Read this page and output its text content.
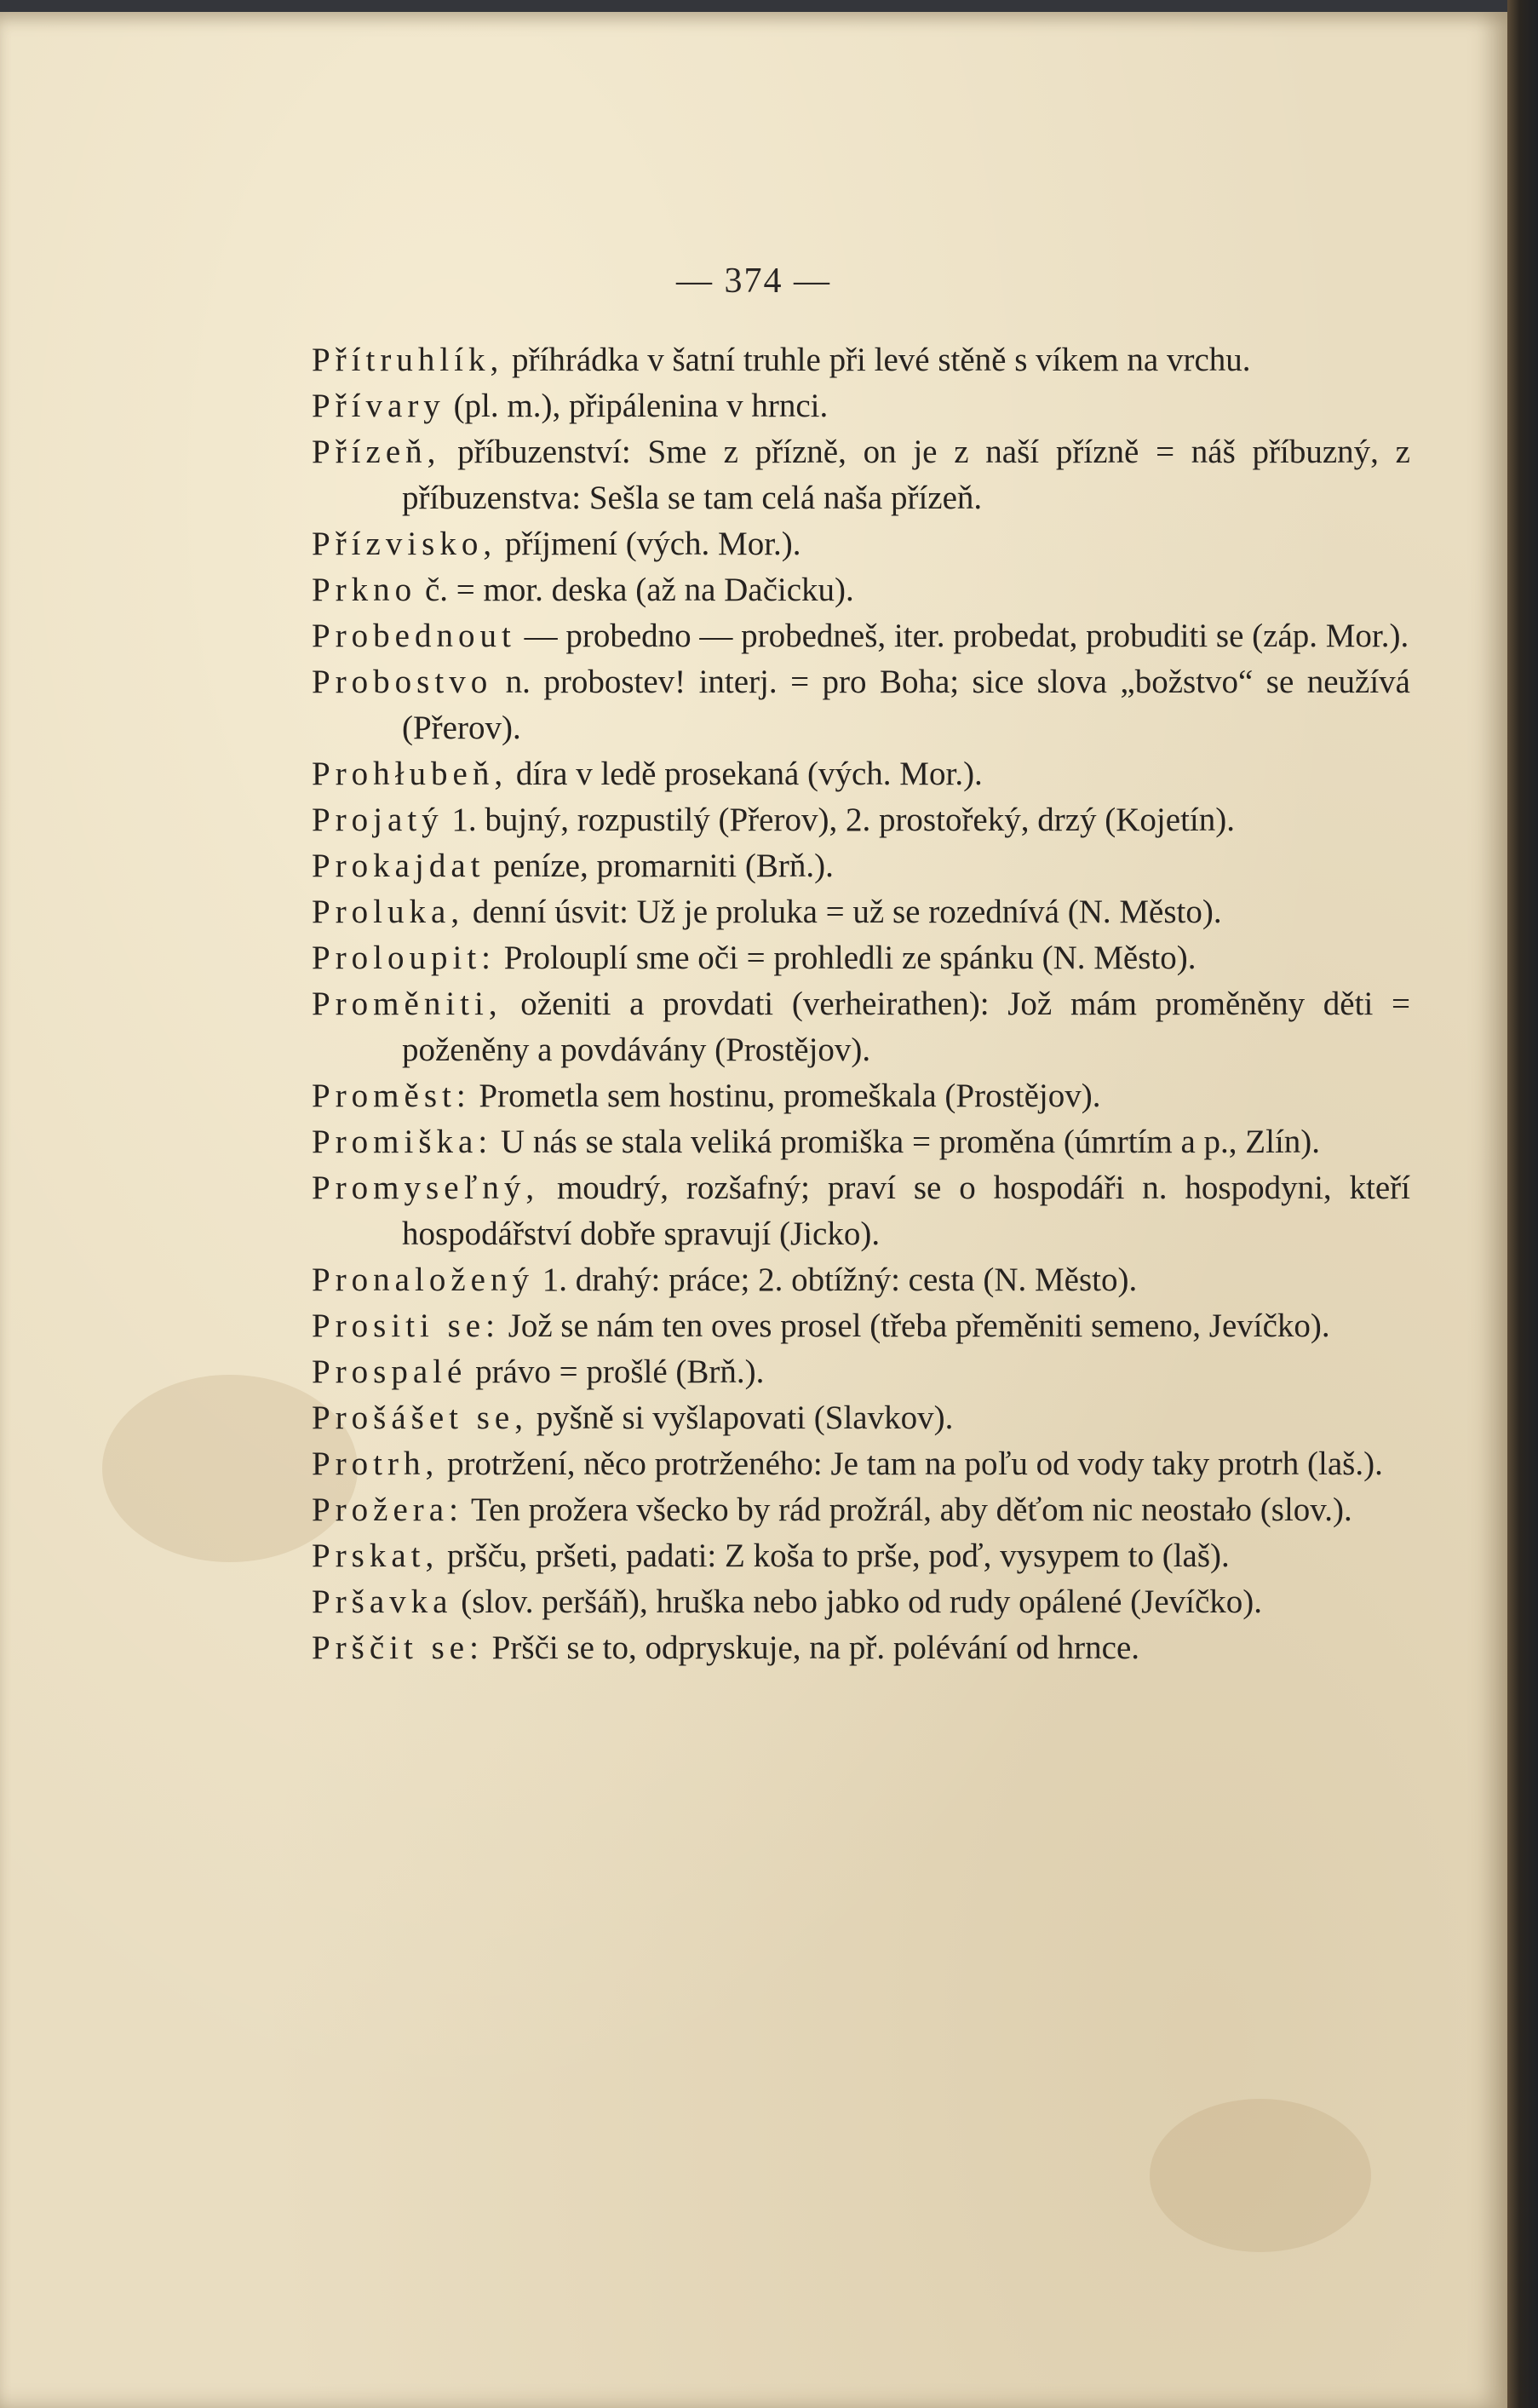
— 374 —

Přítruhlík, příhrádka v šatní truhle při levé stěně s víkem na vrchu.

Přívary (pl. m.), připálenina v hrnci.

Přízeň, příbuzenství: Sme z přízně, on je z naší přízně = náš příbuzný, z příbuzenstva: Sešla se tam celá naša přízeň.

Přízvisko, příjmení (vých. Mor.).

Prkno č. = mor. deska (až na Dačicku).

Probednout — probedno — probedneš, iter. probedat, probuditi se (záp. Mor.).

Probostvo n. probostev! interj. = pro Boha; sice slova „božstvo“ se neužívá (Přerov).

Prohłubeň, díra v ledě prosekaná (vých. Mor.).

Projatý 1. bujný, rozpustilý (Přerov), 2. prostořeký, drzý (Kojetín).

Prokajdat peníze, promarniti (Brň.).

Proluka, denní úsvit: Už je proluka = už se rozednívá (N. Město).

Proloupit: Prolouplí sme oči = prohledli ze spánku (N. Město).

Proměniti, oženiti a provdati (verheirathen): Jož mám proměněny děti = poženěny a povdávány (Prostějov).

Proměst: Prometla sem hostinu, promeškala (Prostějov).

Promiška: U nás se stala veliká promiška = proměna (úmrtím a p., Zlín).

Promyseľný, moudrý, rozšafný; praví se o hospodáři n. hospodyni, kteří hospodářství dobře spravují (Jicko).

Pronaložený 1. drahý: práce; 2. obtížný: cesta (N. Město).

Prositi se: Jož se nám ten oves prosel (třeba přeměniti semeno, Jevíčko).

Prospalé právo = prošlé (Brň.).

Prošášet se, pyšně si vyšlapovati (Slavkov).

Protrh, protržení, něco protrženého: Je tam na poľu od vody taky protrh (laš.).

Prožera: Ten prožera všecko by rád prožrál, aby děťom nic neostało (slov.).

Prskat, pršču, pršeti, padati: Z koša to prše, poď, vysypem to (laš).

Pršavka (slov. peršáň), hruška nebo jabko od rudy opálené (Jevíčko).

Prščit se: Pršči se to, odpryskuje, na př. polévání od hrnce.
